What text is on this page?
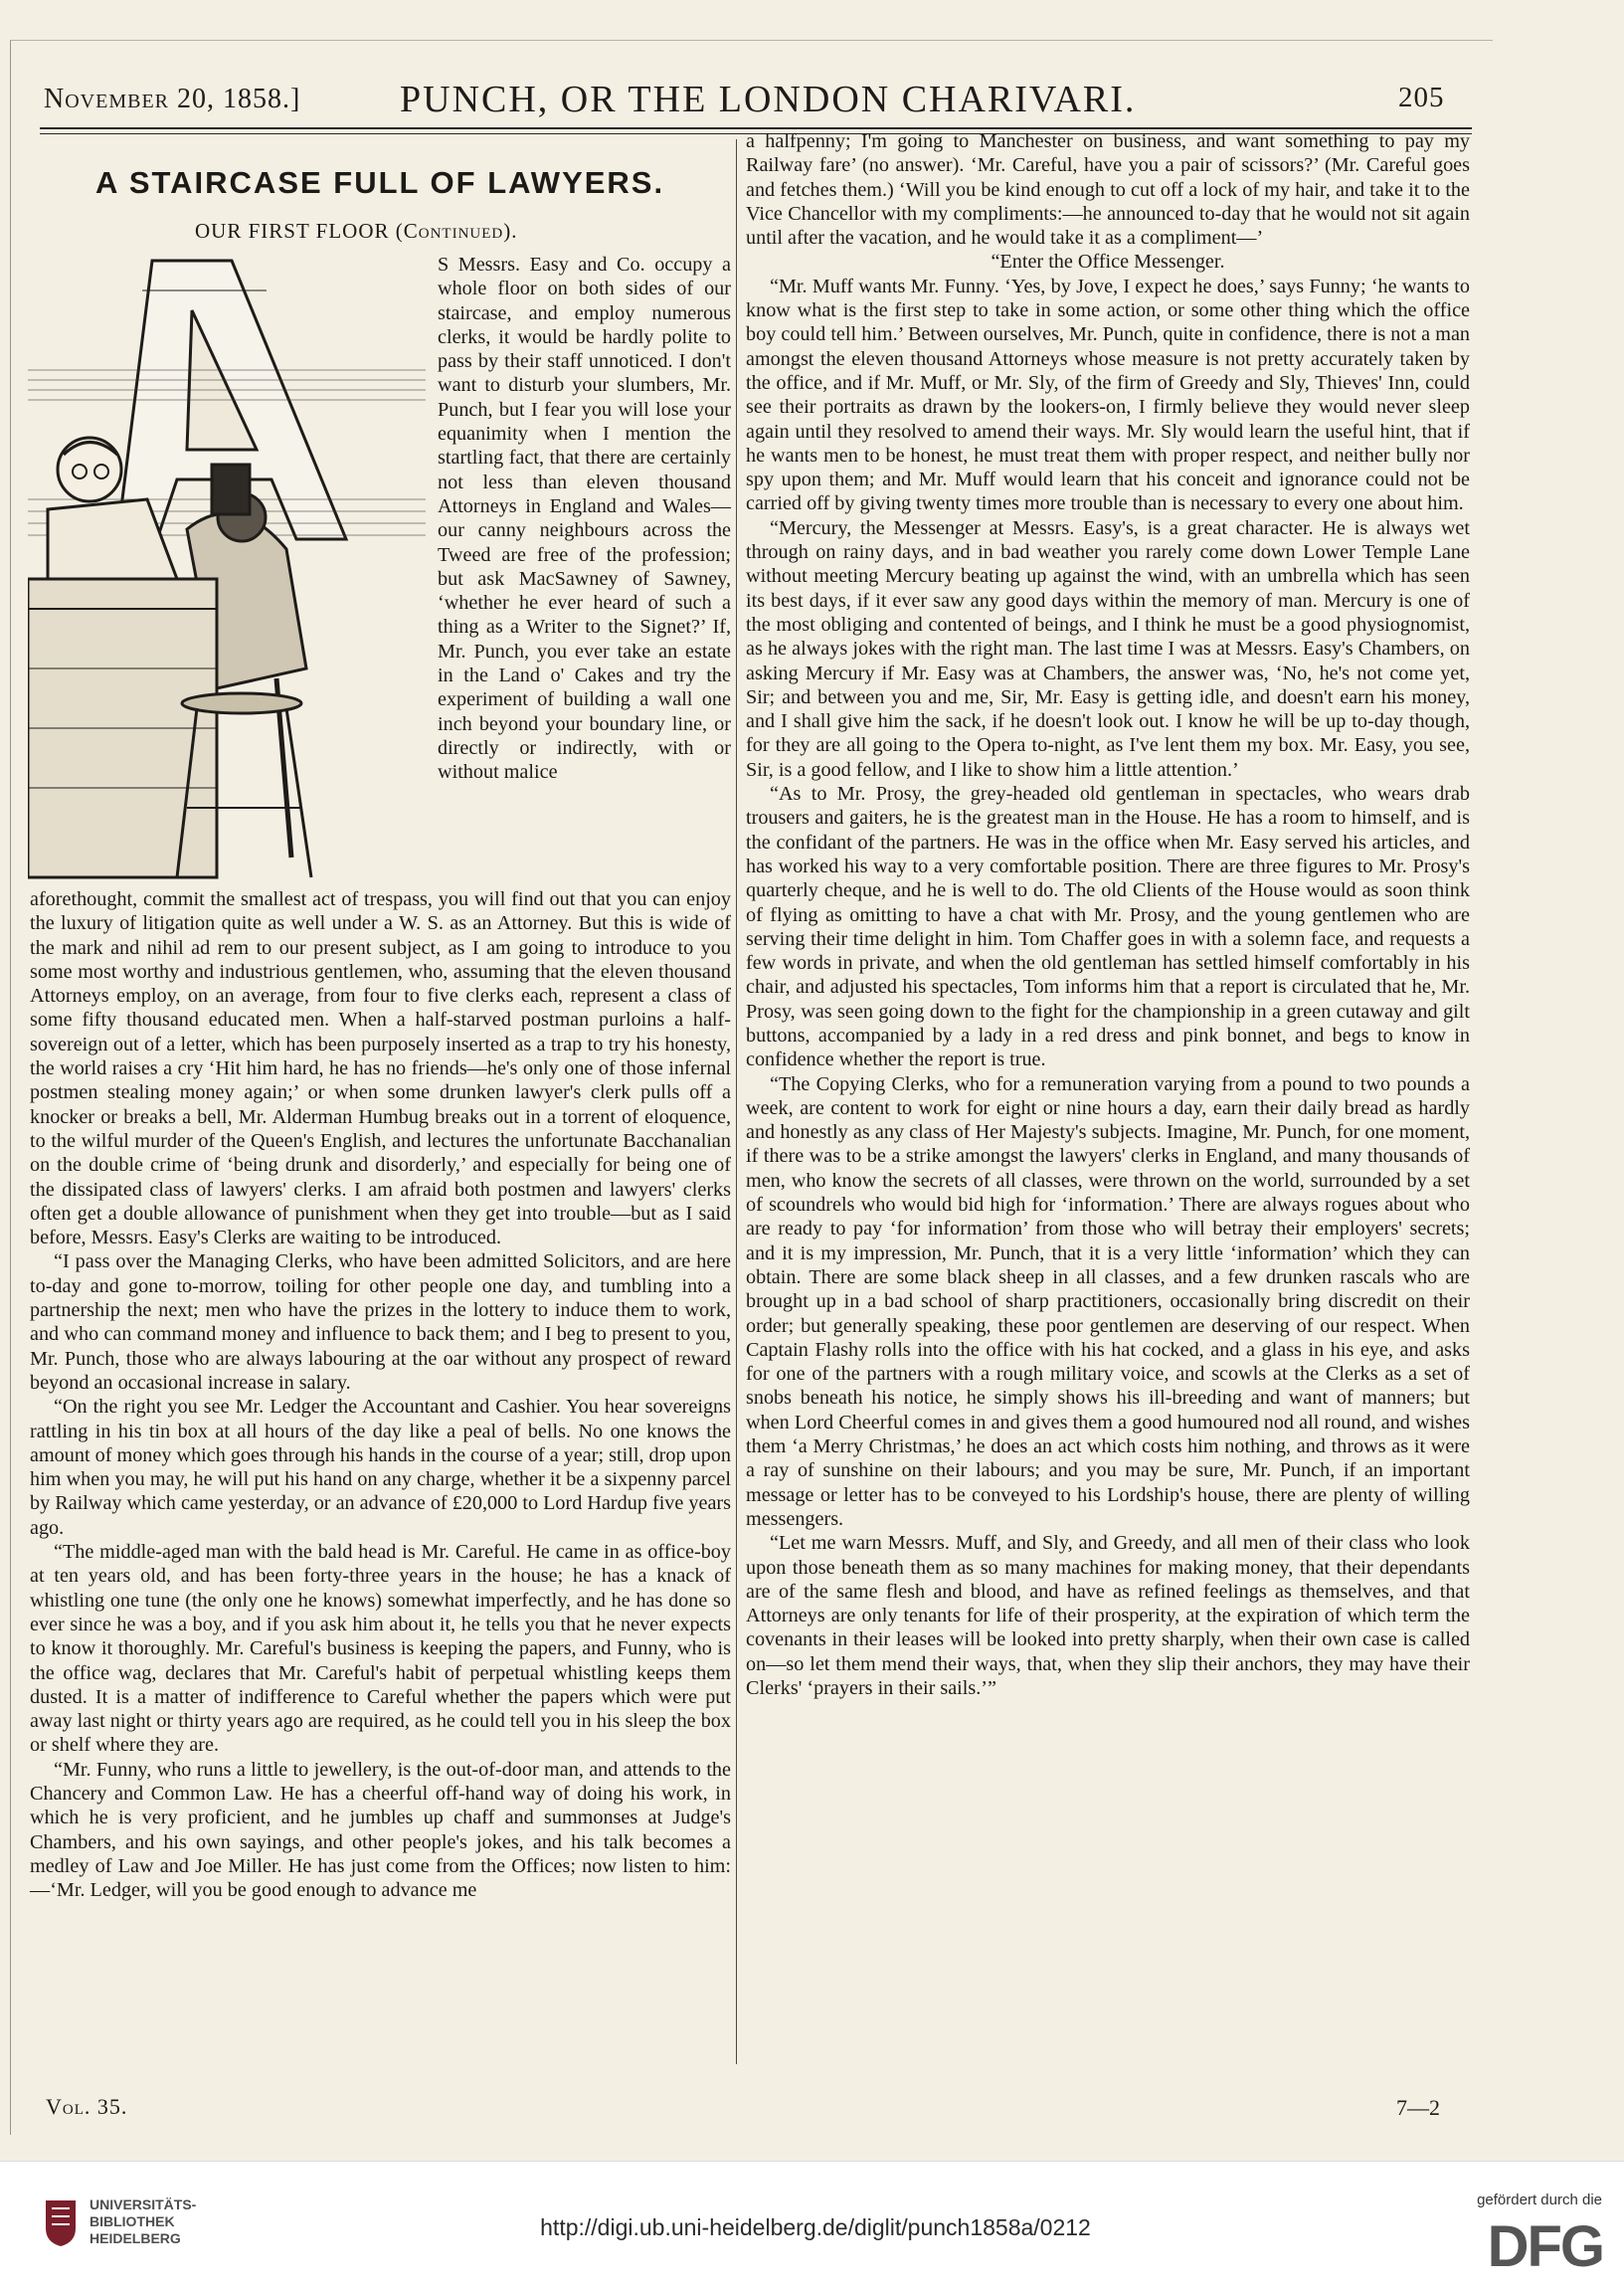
November 20, 1858.]	PUNCH, OR THE LONDON CHARIVARI.	205
A STAIRCASE FULL OF LAWYERS.
OUR FIRST FLOOR (Continued).

S Messrs. Easy and Co. occupy a whole floor on both sides of our staircase, and employ numerous clerks, it would be hardly polite to pass by their staff unnoticed. I don't want to disturb your slumbers, Mr. Punch, but I fear you will lose your equanimity when I mention the startling fact, that there are certainly not less than eleven thousand Attorneys in England and Wales—our canny neighbours across the Tweed are free of the profession; but ask MacSawney of Sawney, ‘whether he ever heard of such a thing as a Writer to the Signet?’ If, Mr. Punch, you ever take an estate in the Land o' Cakes and try the experiment of building a wall one inch beyond your boundary line, or directly or indirectly, with or without malice

aforethought, commit the smallest act of trespass, you will find out that you can enjoy the luxury of litigation quite as well under a W. S. as an Attorney. But this is wide of the mark and nihil ad rem to our present subject, as I am going to introduce to you some most worthy and industrious gentlemen, who, assuming that the eleven thousand Attorneys employ, on an average, from four to five clerks each, represent a class of some fifty thousand educated men. When a half-starved postman purloins a half-sovereign out of a letter, which has been purposely inserted as a trap to try his honesty, the world raises a cry ‘Hit him hard, he has no friends—he's only one of those infernal postmen stealing money again;’ or when some drunken lawyer's clerk pulls off a knocker or breaks a bell, Mr. Alderman Humbug breaks out in a torrent of eloquence, to the wilful murder of the Queen's English, and lectures the unfortunate Bacchanalian on the double crime of ‘being drunk and disorderly,’ and especially for being one of the dissipated class of lawyers' clerks. I am afraid both postmen and lawyers' clerks often get a double allowance of punishment when they get into trouble—but as I said before, Messrs. Easy's Clerks are waiting to be introduced.

“I pass over the Managing Clerks, who have been admitted Solicitors, and are here to-day and gone to-morrow, toiling for other people one day, and tumbling into a partnership the next; men who have the prizes in the lottery to induce them to work, and who can command money and influence to back them; and I beg to present to you, Mr. Punch, those who are always labouring at the oar without any prospect of reward beyond an occasional increase in salary.

“On the right you see Mr. Ledger the Accountant and Cashier. You hear sovereigns rattling in his tin box at all hours of the day like a peal of bells. No one knows the amount of money which goes through his hands in the course of a year; still, drop upon him when you may, he will put his hand on any charge, whether it be a sixpenny parcel by Railway which came yesterday, or an advance of £20,000 to Lord Hardup five years ago.

“The middle-aged man with the bald head is Mr. Careful. He came in as office-boy at ten years old, and has been forty-three years in the house; he has a knack of whistling one tune (the only one he knows) somewhat imperfectly, and he has done so ever since he was a boy, and if you ask him about it, he tells you that he never expects to know it thoroughly. Mr. Careful's business is keeping the papers, and Funny, who is the office wag, declares that Mr. Careful's habit of perpetual whistling keeps them dusted. It is a matter of indifference to Careful whether the papers which were put away last night or thirty years ago are required, as he could tell you in his sleep the box or shelf where they are.

“Mr. Funny, who runs a little to jewellery, is the out-of-door man, and attends to the Chancery and Common Law. He has a cheerful off-hand way of doing his work, in which he is very proficient, and he jumbles up chaff and summonses at Judge's Chambers, and his own sayings, and other people's jokes, and his talk becomes a medley of Law and Joe Miller. He has just come from the Offices; now listen to him:—‘Mr. Ledger, will you be good enough to advance me

a halfpenny; I'm going to Manchester on business, and want something to pay my Railway fare’ (no answer). ‘Mr. Careful, have you a pair of scissors?’ (Mr. Careful goes and fetches them.) ‘Will you be kind enough to cut off a lock of my hair, and take it to the Vice Chancellor with my compliments:—he announced to-day that he would not sit again until after the vacation, and he would take it as a compliment—’

“Enter the Office Messenger.

“Mr. Muff wants Mr. Funny. ‘Yes, by Jove, I expect he does,’ says Funny; ‘he wants to know what is the first step to take in some action, or some other thing which the office boy could tell him.’ Between ourselves, Mr. Punch, quite in confidence, there is not a man amongst the eleven thousand Attorneys whose measure is not pretty accurately taken by the office, and if Mr. Muff, or Mr. Sly, of the firm of Greedy and Sly, Thieves' Inn, could see their portraits as drawn by the lookers-on, I firmly believe they would never sleep again until they resolved to amend their ways. Mr. Sly would learn the useful hint, that if he wants men to be honest, he must treat them with proper respect, and neither bully nor spy upon them; and Mr. Muff would learn that his conceit and ignorance could not be carried off by giving twenty times more trouble than is necessary to every one about him.

“Mercury, the Messenger at Messrs. Easy's, is a great character. He is always wet through on rainy days, and in bad weather you rarely come down Lower Temple Lane without meeting Mercury beating up against the wind, with an umbrella which has seen its best days, if it ever saw any good days within the memory of man. Mercury is one of the most obliging and contented of beings, and I think he must be a good physiognomist, as he always jokes with the right man. The last time I was at Messrs. Easy's Chambers, on asking Mercury if Mr. Easy was at Chambers, the answer was, ‘No, he's not come yet, Sir; and between you and me, Sir, Mr. Easy is getting idle, and doesn't earn his money, and I shall give him the sack, if he doesn't look out. I know he will be up to-day though, for they are all going to the Opera to-night, as I've lent them my box. Mr. Easy, you see, Sir, is a good fellow, and I like to show him a little attention.’

“As to Mr. Prosy, the grey-headed old gentleman in spectacles, who wears drab trousers and gaiters, he is the greatest man in the House. He has a room to himself, and is the confidant of the partners. He was in the office when Mr. Easy served his articles, and has worked his way to a very comfortable position. There are three figures to Mr. Prosy's quarterly cheque, and he is well to do. The old Clients of the House would as soon think of flying as omitting to have a chat with Mr. Prosy, and the young gentlemen who are serving their time delight in him. Tom Chaffer goes in with a solemn face, and requests a few words in private, and when the old gentleman has settled himself comfortably in his chair, and adjusted his spectacles, Tom informs him that a report is circulated that he, Mr. Prosy, was seen going down to the fight for the championship in a green cutaway and gilt buttons, accompanied by a lady in a red dress and pink bonnet, and begs to know in confidence whether the report is true.

“The Copying Clerks, who for a remuneration varying from a pound to two pounds a week, are content to work for eight or nine hours a day, earn their daily bread as hardly and honestly as any class of Her Majesty's subjects. Imagine, Mr. Punch, for one moment, if there was to be a strike amongst the lawyers' clerks in England, and many thousands of men, who know the secrets of all classes, were thrown on the world, surrounded by a set of scoundrels who would bid high for ‘information.’ There are always rogues about who are ready to pay ‘for information’ from those who will betray their employers' secrets; and it is my impression, Mr. Punch, that it is a very little ‘information’ which they can obtain. There are some black sheep in all classes, and a few drunken rascals who are brought up in a bad school of sharp practitioners, occasionally bring discredit on their order; but generally speaking, these poor gentlemen are deserving of our respect. When Captain Flashy rolls into the office with his hat cocked, and a glass in his eye, and asks for one of the partners with a rough military voice, and scowls at the Clerks as a set of snobs beneath his notice, he simply shows his ill-breeding and want of manners; but when Lord Cheerful comes in and gives them a good humoured nod all round, and wishes them ‘a Merry Christmas,’ he does an act which costs him nothing, and throws as it were a ray of sunshine on their labours; and you may be sure, Mr. Punch, if an important message or letter has to be conveyed to his Lordship's house, there are plenty of willing messengers.

“Let me warn Messrs. Muff, and Sly, and Greedy, and all men of their class who look upon those beneath them as so many machines for making money, that their dependants are of the same flesh and blood, and have as refined feelings as themselves, and that Attorneys are only tenants for life of their prosperity, at the expiration of which term the covenants in their leases will be looked into pretty sharply, when their own case is called on—so let them mend their ways, that, when they slip their anchors, they may have their Clerks' ‘prayers in their sails.’”

Vol. 35.	7—2
UNIVERSITÄTS-
BIBLIOTHEK
HEIDELBERG	http://digi.ub.uni-heidelberg.de/diglit/punch1858a/0212
gefördert durch die
DFG
